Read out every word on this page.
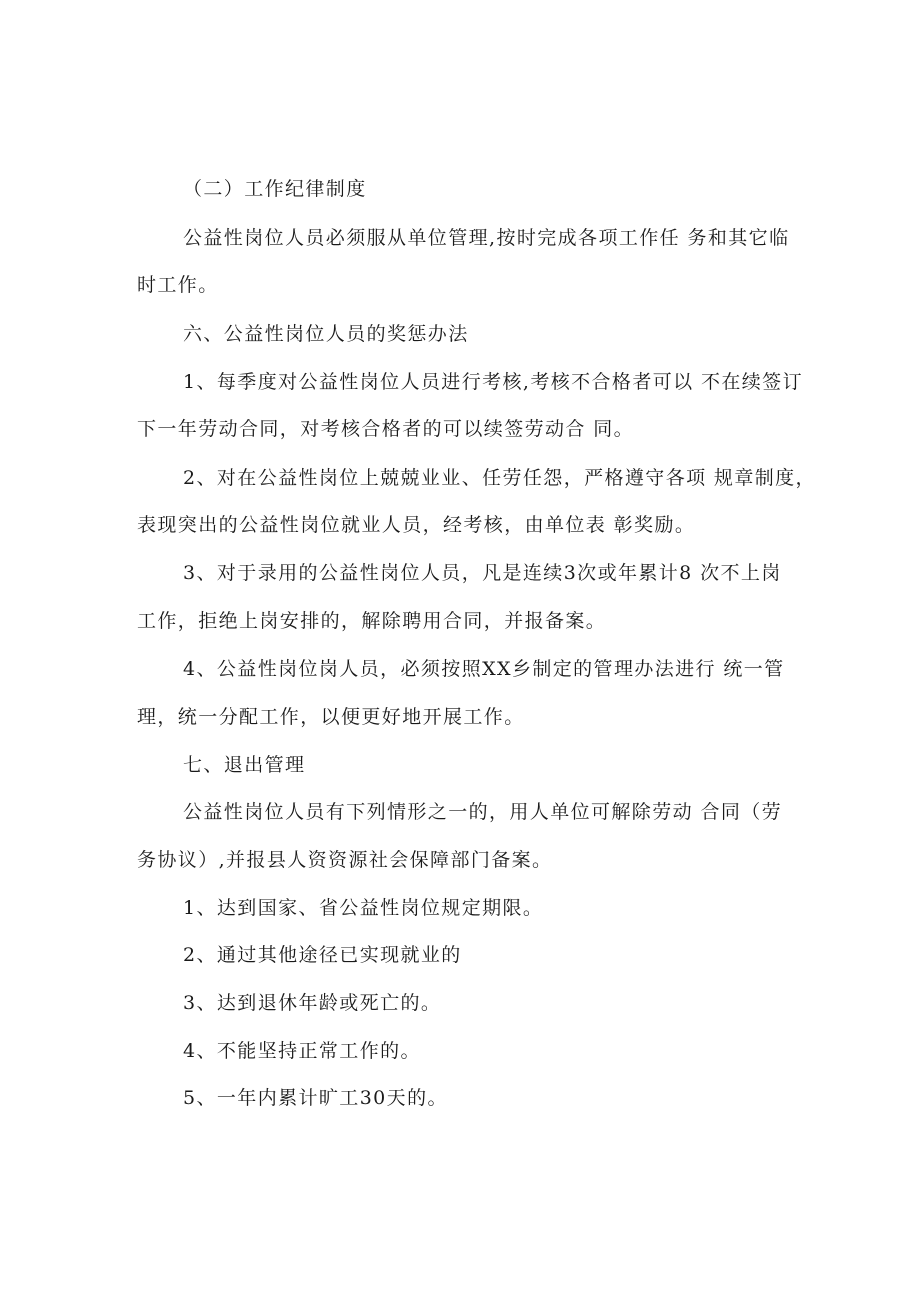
（二）工作纪律制度
公益性岗位人员必须服从单位管理,按时完成各项工作任 务和其它临
时工作。
六、公益性岗位人员的奖惩办法
1、每季度对公益性岗位人员进行考核,考核不合格者可以 不在续签订
下一年劳动合同，对考核合格者的可以续签劳动合 同。
2、对在公益性岗位上兢兢业业、任劳任怨，严格遵守各项 规章制度，
表现突出的公益性岗位就业人员，经考核，由单位表 彰奖励。
3、对于录用的公益性岗位人员，凡是连续3次或年累计8 次不上岗
工作，拒绝上岗安排的，解除聘用合同，并报备案。
4、公益性岗位岗人员，必须按照XX乡制定的管理办法进行 统一管
理，统一分配工作，以便更好地开展工作。
七、退出管理
公益性岗位人员有下列情形之一的，用人单位可解除劳动 合同（劳
务协议）,并报县人资资源社会保障部门备案。
1、达到国家、省公益性岗位规定期限。
2、通过其他途径已实现就业的
3、达到退休年龄或死亡的。
4、不能坚持正常工作的。
5、一年内累计旷工30天的。
